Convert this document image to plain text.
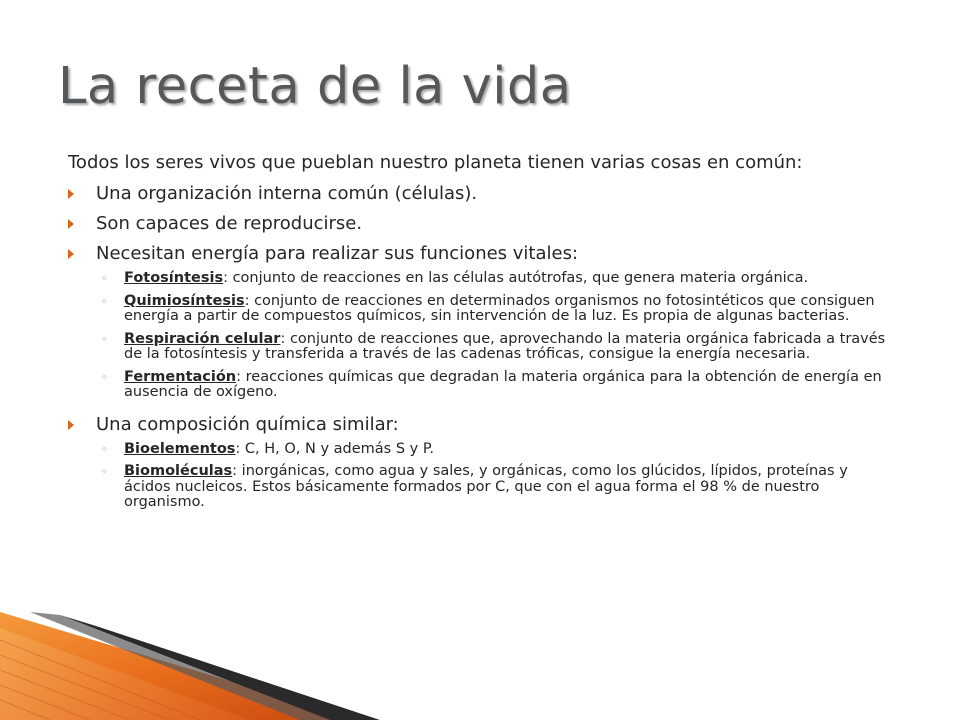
La receta de la vida

Todos los seres vivos que pueblan nuestro planeta tienen varias cosas en común:

Una organización interna común (células).
Son capaces de reproducirse.
Necesitan energía para realizar sus funciones vitales:
◦ Fotosíntesis: conjunto de reacciones en las células autótrofas, que genera materia orgánica.
◦ Quimiosíntesis: conjunto de reacciones en determinados organismos no fotosintéticos que consiguen energía a partir de compuestos químicos, sin intervención de la luz. Es propia de algunas bacterias.
◦ Respiración celular: conjunto de reacciones que, aprovechando la materia orgánica fabricada a través de la fotosíntesis y transferida a través de las cadenas tróficas, consigue la energía necesaria.
◦ Fermentación: reacciones químicas que degradan la materia orgánica para la obtención de energía en ausencia de oxígeno.
Una composición química similar:
◦ Bioelementos: C, H, O, N y además S y P.
◦ Biomoléculas: inorgánicas, como agua y sales, y orgánicas, como los glúcidos, lípidos, proteínas y ácidos nucleicos. Estos básicamente formados por C, que con el agua forma el 98 % de nuestro organismo.
